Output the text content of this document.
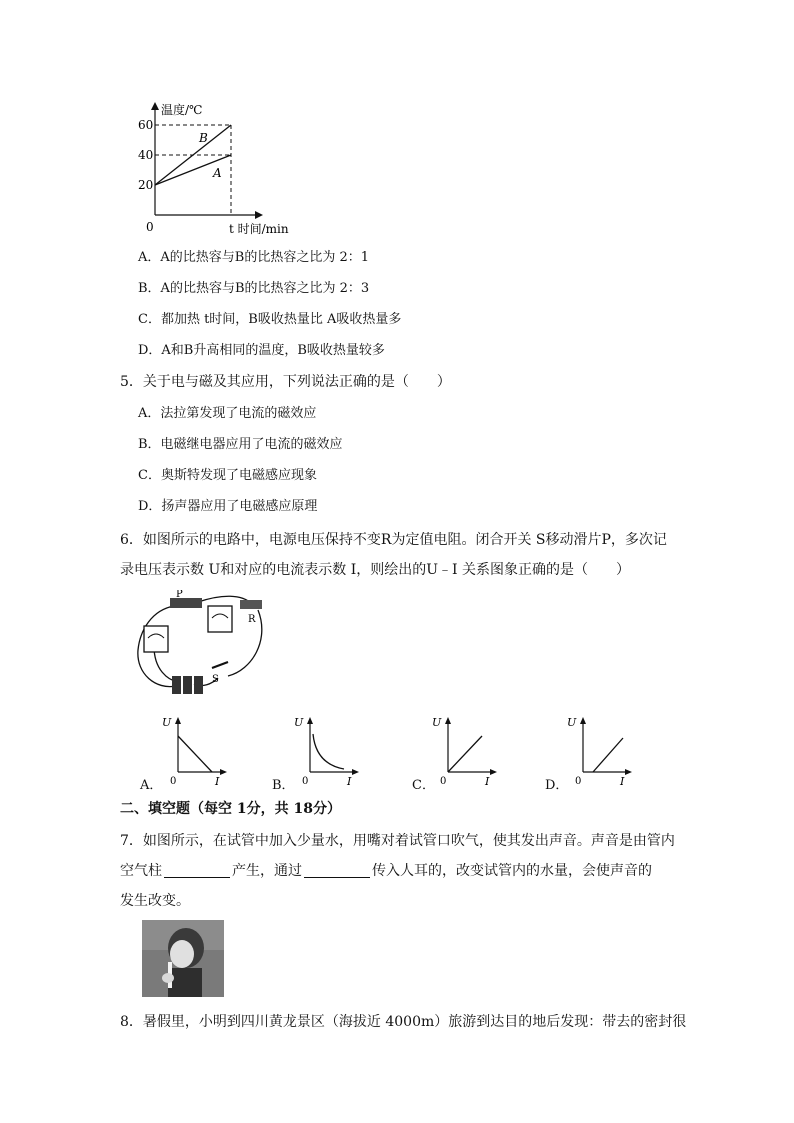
温度/℃
60
40
20
0	t 时间/min
B
A
A．A的比热容与B的比热容之比为 2：1
B．A的比热容与B的比热容之比为 2：3
C．都加热 t时间，B吸收热量比 A吸收热量多
D．A和B升高相同的温度，B吸收热量较多
5．关于电与磁及其应用，下列说法正确的是（　　）
A．法拉第发现了电流的磁效应
B．电磁继电器应用了电流的磁效应
C．奥斯特发现了电磁感应现象
D．扬声器应用了电磁感应原理
6．如图所示的电路中，电源电压保持不变R为定值电阻。闭合开关 S移动滑片P，多次记
录电压表示数 U和对应的电流表示数 I，则绘出的U﹣I 关系图象正确的是（　　）
P
R
S
A．
U
0	I	B．
U
0	I	C．
U
0	I	D．
U
0	I
二、填空题（每空 1分，共 18分）
7．如图所示，在试管中加入少量水，用嘴对着试管口吹气，使其发出声音。声音是由管内
空气柱	产生，通过	传入人耳的，改变试管内的水量，会使声音的
发生改变。
8．暑假里，小明到四川黄龙景区（海拔近 4000m）旅游到达目的地后发现：带去的密封很
